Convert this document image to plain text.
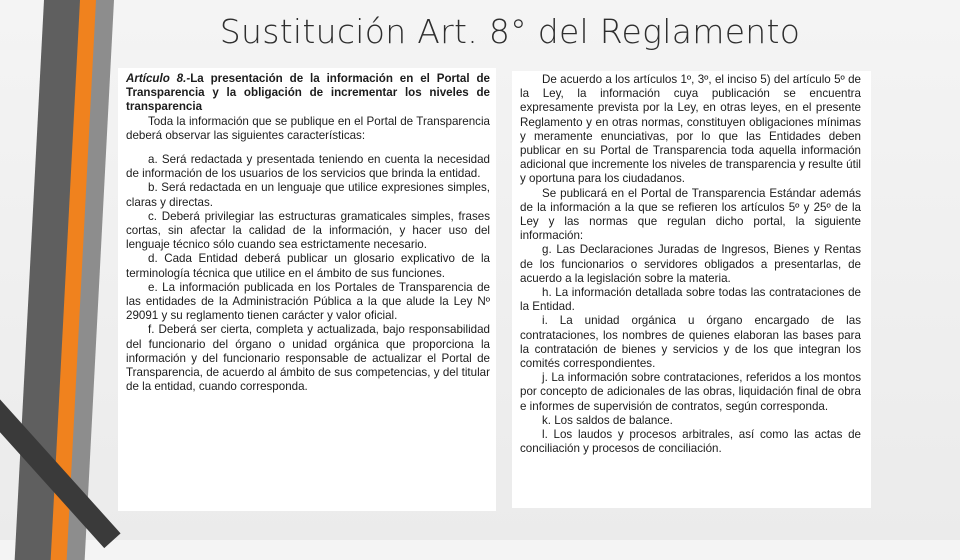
Sustitución Art. 8° del Reglamento

Artículo 8.-La presentación de la información en el Portal de Transparencia y la obligación de incrementar los niveles de transparencia

Toda la información que se publique en el Portal de Transparencia deberá observar las siguientes características:

a. Será redactada y presentada teniendo en cuenta la necesidad de información de los usuarios de los servicios que brinda la entidad.

b. Será redactada en un lenguaje que utilice expresiones simples, claras y directas.

c. Deberá privilegiar las estructuras gramaticales simples, frases cortas, sin afectar la calidad de la información, y hacer uso del lenguaje técnico sólo cuando sea estrictamente necesario.

d. Cada Entidad deberá publicar un glosario explicativo de la terminología técnica que utilice en el ámbito de sus funciones.

e. La información publicada en los Portales de Transparencia de las entidades de la Administración Pública a la que alude la Ley Nº 29091 y su reglamento tienen carácter y valor oficial.

f. Deberá ser cierta, completa y actualizada, bajo responsabilidad del funcionario del órgano o unidad orgánica que proporciona la información y del funcionario responsable de actualizar el Portal de Transparencia, de acuerdo al ámbito de sus competencias, y del titular de la entidad, cuando corresponda.

De acuerdo a los artículos 1º, 3º, el inciso 5) del artículo 5º de la Ley, la información cuya publicación se encuentra expresamente prevista por la Ley, en otras leyes, en el presente Reglamento y en otras normas, constituyen obligaciones mínimas y meramente enunciativas, por lo que las Entidades deben publicar en su Portal de Transparencia toda aquella información adicional que incremente los niveles de transparencia y resulte útil y oportuna para los ciudadanos.

Se publicará en el Portal de Transparencia Estándar además de la información a la que se refieren los artículos 5º y 25º de la Ley y las normas que regulan dicho portal, la siguiente información:

g. Las Declaraciones Juradas de Ingresos, Bienes y Rentas de los funcionarios o servidores obligados a presentarlas, de acuerdo a la legislación sobre la materia.

h. La información detallada sobre todas las contrataciones de la Entidad.

i. La unidad orgánica u órgano encargado de las contrataciones, los nombres de quienes elaboran las bases para la contratación de bienes y servicios y de los que integran los comités correspondientes.

j. La información sobre contrataciones, referidos a los montos por concepto de adicionales de las obras, liquidación final de obra e informes de supervisión de contratos, según corresponda.

k. Los saldos de balance.

l. Los laudos y procesos arbitrales, así como las actas de conciliación y procesos de conciliación.
